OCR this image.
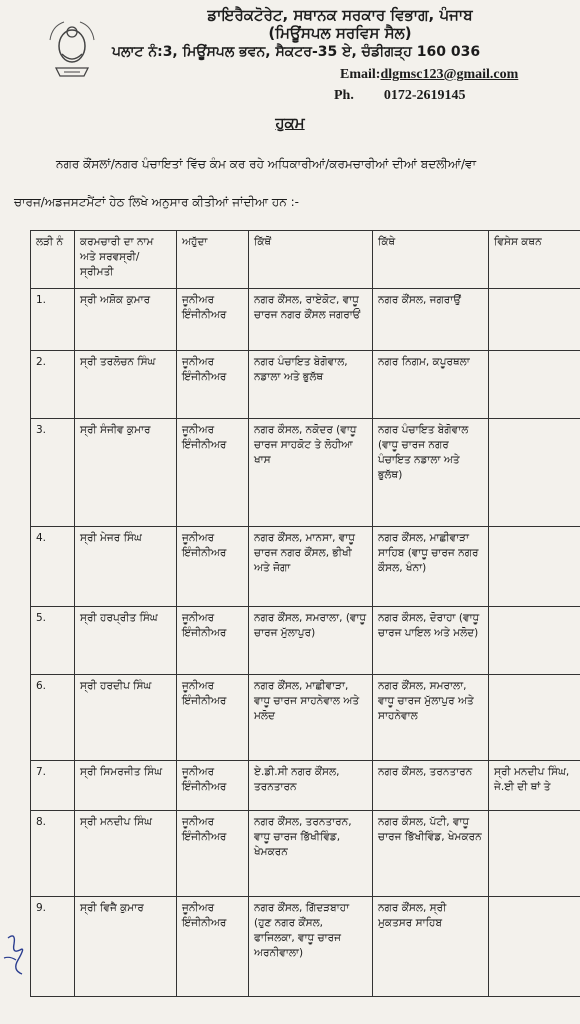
ਡਾਇਰੈਕਟੋਰੇਟ, ਸਥਾਨਕ ਸਰਕਾਰ ਵਿਭਾਗ, ਪੰਜਾਬ
(ਮਿਊਂਸਪਲ ਸਰਵਿਸ ਸੈਲ)
ਪਲਾਟ ਨੰ:3, ਮਿਊਂਸਪਲ ਭਵਨ, ਸੈਕਟਰ-35 ਏ, ਚੰਡੀਗੜ੍ਹ 160 036
Email:dlgmsc123@gmail.com
Ph. 0172-2619145
ਹੁਕਮ
ਨਗਰ ਕੌਂਸਲਾਂ/ਨਗਰ ਪੰਚਾਇਤਾਂ ਵਿੱਚ ਕੰਮ ਕਰ ਰਹੇ ਅਧਿਕਾਰੀਆਂ/ਕਰਮਚਾਰੀਆਂ ਦੀਆਂ ਬਦਲੀਆਂ/ਵਾ
ਚਾਰਜ/ਅਡਜਸਟਮੈਂਟਾਂ ਹੇਠ ਲਿਖੇ ਅਨੁਸਾਰ ਕੀਤੀਆਂ ਜਾਂਦੀਆ ਹਨ :-
ਲੜੀ ਨੰ	ਕਰਮਚਾਰੀ ਦਾ ਨਾਮ ਅਤੇ ਸਰਵਸ੍ਰੀ/ਸ੍ਰੀਮਤੀ	ਅਹੁੱਦਾ	ਕਿੱਥੋਂ	ਕਿੱਥੇ	ਵਿਸੇਸ ਕਥਨ
1.	ਸ੍ਰੀ ਅਸ਼ੋਕ ਕੁਮਾਰ	ਜੂਨੀਅਰ ਇੰਜੀਨੀਅਰ	ਨਗਰ ਕੌਂਸਲ, ਰਾਏਕੋਟ, ਵਾਧੂ ਚਾਰਜ ਨਗਰ ਕੌਂਸਲ ਜਗਰਾਓਂ	ਨਗਰ ਕੌਂਸਲ, ਜਗਰਾਉਂ	
2.	ਸ੍ਰੀ ਤਰਲੋਚਨ ਸਿੰਘ	ਜੂਨੀਅਰ ਇੰਜੀਨੀਅਰ	ਨਗਰ ਪੰਚਾਇਤ ਬੇਗੋਵਾਲ, ਨਡਾਲਾ ਅਤੇ ਭੁਲੱਥ	ਨਗਰ ਨਿਗਮ, ਕਪੂਰਥਲਾ	
3.	ਸ੍ਰੀ ਸੰਜੀਵ ਕੁਮਾਰ	ਜੂਨੀਅਰ ਇੰਜੀਨੀਅਰ	ਨਗਰ ਕੌਸਲ, ਨਕੋਦਰ (ਵਾਧੂ ਚਾਰਜ ਸਾਹਕੋਟ ਤੇ ਲੋਹੀਆ ਖਾਸ	ਨਗਰ ਪੰਚਾਇਤ ਬੇਗੋਵਾਲ (ਵਾਧੂ ਚਾਰਜ ਨਗਰ ਪੰਚਾਇਤ ਨਡਾਲਾ ਅਤੇ ਭੁਲੱਥ)	
4.	ਸ੍ਰੀ ਮੇਜਰ ਸਿੰਘ	ਜੂਨੀਅਰ ਇੰਜੀਨੀਅਰ	ਨਗਰ ਕੌਂਸਲ, ਮਾਨਸਾ, ਵਾਧੂ ਚਾਰਜ ਨਗਰ ਕੌਂਸਲ, ਭੀਖੀ ਅਤੇ ਜੋਗਾ	ਨਗਰ ਕੌਂਸਲ, ਮਾਛੀਵਾੜਾ ਸਾਹਿਬ (ਵਾਧੂ ਚਾਰਜ ਨਗਰ ਕੌਸਲ, ਖੰਨਾ)	
5.	ਸ੍ਰੀ ਹਰਪ੍ਰੀਤ ਸਿੰਘ	ਜੂਨੀਅਰ ਇੰਜੀਨੀਅਰ	ਨਗਰ ਕੌਂਸਲ, ਸਮਰਾਲਾ, (ਵਾਧੂ ਚਾਰਜ ਮੁੱਲਾਪੁਰ)	ਨਗਰ ਕੌਸਲ, ਦੋਰਾਹਾ (ਵਾਧੂ ਚਾਰਜ ਪਾਇਲ ਅਤੇ ਮਲੋਦ)	
6.	ਸ੍ਰੀ ਹਰਦੀਪ ਸਿੰਘ	ਜੂਨੀਅਰ ਇੰਜੀਨੀਅਰ	ਨਗਰ ਕੌਂਸਲ, ਮਾਛੀਵਾੜਾ, ਵਾਧੂ ਚਾਰਜ ਸਾਹਨੇਵਾਲ ਅਤੇ ਮਲੋਦ	ਨਗਰ ਕੌਂਸਲ, ਸਮਰਾਲਾ, ਵਾਧੂ ਚਾਰਜ ਮੁੱਲਾਪੁਰ ਅਤੇ ਸਾਹਨੇਵਾਲ	
7.	ਸ੍ਰੀ ਸਿਮਰਜੀਤ ਸਿੰਘ	ਜੂਨੀਅਰ ਇੰਜੀਨੀਅਰ	ਏ.ਡੀ.ਸੀ ਨਗਰ ਕੌਂਸਲ, ਤਰਨਤਾਰਨ	ਨਗਰ ਕੌਂਸਲ, ਤਰਨਤਾਰਨ	ਸ੍ਰੀ ਮਨਦੀਪ ਸਿੰਘ, ਜੇ.ਈ ਦੀ ਥਾਂ ਤੇ
8.	ਸ੍ਰੀ ਮਨਦੀਪ ਸਿੰਘ	ਜੂਨੀਅਰ ਇੰਜੀਨੀਅਰ	ਨਗਰ ਕੌਂਸਲ, ਤਰਨਤਾਰਨ, ਵਾਧੂ ਚਾਰਜ ਭਿੱਖੀਵਿੰਡ, ਖੇਮਕਰਨ	ਨਗਰ ਕੌਸਲ, ਪੱਟੀ, ਵਾਧੂ ਚਾਰਜ ਭਿੱਖੀਵਿੰਡ, ਖੇਮਕਰਨ	
9.	ਸ੍ਰੀ ਵਿਜੈ ਕੁਮਾਰ	ਜੂਨੀਅਰ ਇੰਜੀਨੀਅਰ	ਨਗਰ ਕੌਂਸਲ, ਗਿੱਦੜਬਾਹਾ (ਹੁਣ ਨਗਰ ਕੌਂਸਲ, ਫਾਜਿਲਕਾ, ਵਾਧੂ ਚਾਰਜ ਅਰਨੀਵਾਲਾ)	ਨਗਰ ਕੌਂਸਲ, ਸ੍ਰੀ ਮੁਕਤਸਰ ਸਾਹਿਬ	
